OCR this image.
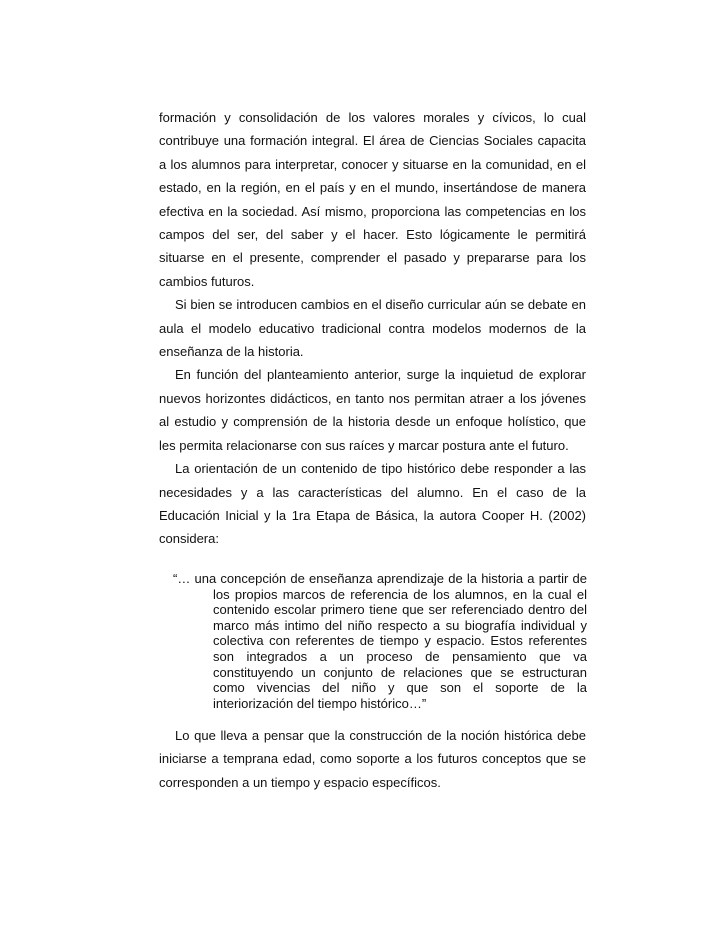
formación y consolidación de los valores morales y cívicos, lo cual contribuye una formación integral. El área de Ciencias Sociales capacita a los alumnos para interpretar, conocer y situarse en la comunidad, en el estado, en la región, en el país y en el mundo, insertándose de manera efectiva en la sociedad. Así mismo, proporciona las competencias en los campos del ser, del saber y el hacer. Esto lógicamente le permitirá situarse en el presente, comprender el pasado y prepararse para los cambios futuros.

Si bien se introducen cambios en el diseño curricular aún se debate en aula el modelo educativo tradicional contra modelos modernos de la enseñanza de la historia.

En función del planteamiento anterior, surge la inquietud de explorar nuevos horizontes didácticos, en tanto nos permitan atraer a los jóvenes al estudio y comprensión de la historia desde un enfoque holístico, que les permita relacionarse con sus raíces y marcar postura ante el futuro.

La orientación de un contenido de tipo histórico debe responder a las necesidades y a las características del alumno. En el caso de la Educación Inicial y la 1ra Etapa de Básica, la autora Cooper H. (2002) considera:

“… una concepción de enseñanza aprendizaje de la historia a partir de los propios marcos de referencia de los alumnos, en la cual el contenido escolar primero tiene que ser referenciado dentro del marco más intimo del niño respecto a su biografía individual y colectiva con referentes de tiempo y espacio. Estos referentes son integrados a un proceso de pensamiento que va constituyendo un conjunto de relaciones que se estructuran como vivencias del niño y que son el soporte de la interiorización del tiempo histórico…”

Lo que lleva a pensar que la construcción de la noción histórica debe iniciarse a temprana edad, como soporte a los futuros conceptos que se corresponden a un tiempo y espacio específicos.
